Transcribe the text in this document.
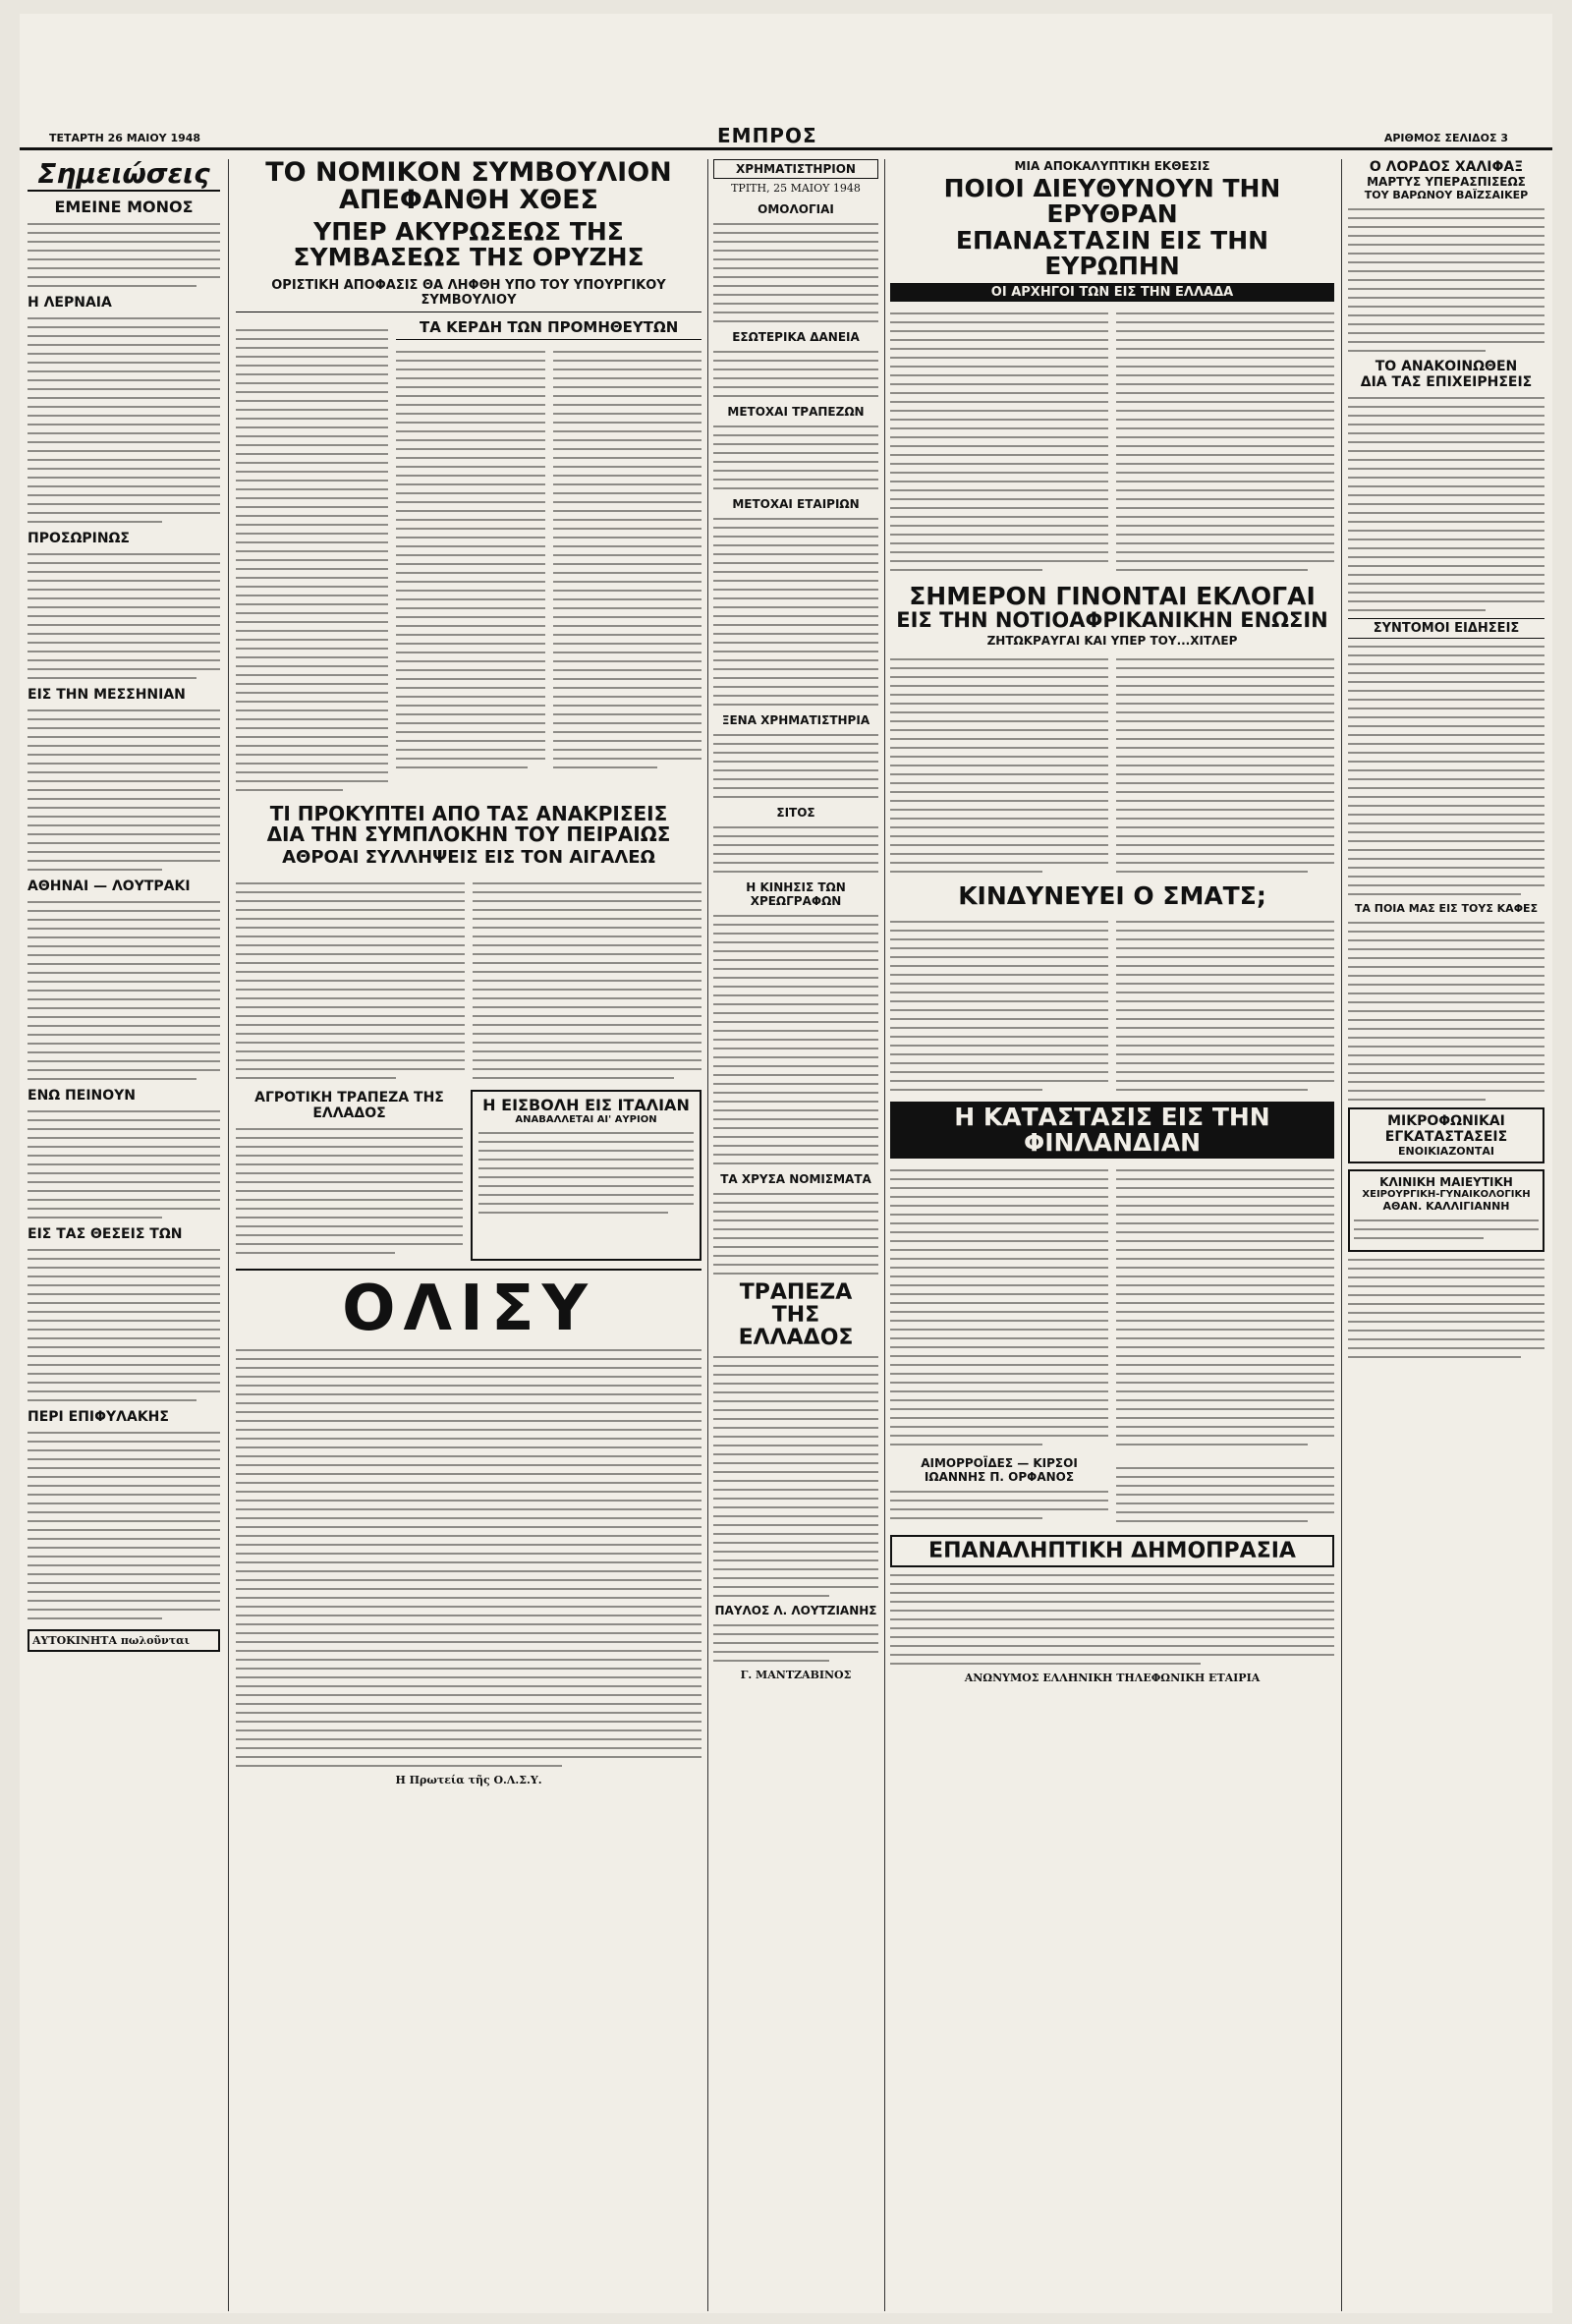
ΤΕΤΑΡΤΗ 26 ΜΑΙΟΥ 1948	ΕΜΠΡΟΣ	ΑΡΙΘΜΟΣ ΣΕΛΙΔΟΣ 3
Σημειώσεις
ΕΜΕΙΝΕ ΜΟΝΟΣ
Η ΛΕΡΝΑΙΑ
ΠΡΟΣΩΡΙΝΩΣ
ΕΙΣ ΤΗΝ ΜΕΣΣΗΝΙΑΝ
ΑΘΗΝΑΙ — ΛΟΥΤΡΑΚΙ
ΕΝΩ ΠΕΙΝΟΥΝ
ΕΙΣ ΤΑΣ ΘΕΣΕΙΣ ΤΩΝ
ΠΕΡΙ ΕΠΙΦΥΛΑΚΗΣ
ΑΥΤΟΚΙΝΗΤΑ πωλοῦνται
ΤΟ ΝΟΜΙΚΟΝ ΣΥΜΒΟΥΛΙΟΝ ΑΠΕΦΑΝΘΗ ΧΘΕΣ
ΥΠΕΡ ΑΚΥΡΩΣΕΩΣ ΤΗΣ ΣΥΜΒΑΣΕΩΣ ΤΗΣ ΟΡΥΖΗΣ
ΟΡΙΣΤΙΚΗ ΑΠΟΦΑΣΙΣ ΘΑ ΛΗΦΘΗ ΥΠΟ ΤΟΥ ΥΠΟΥΡΓΙΚΟΥ ΣΥΜΒΟΥΛΙΟΥ
ΤΑ ΚΕΡΔΗ ΤΩΝ ΠΡΟΜΗΘΕΥΤΩΝ
ΤΙ ΠΡΟΚΥΠΤΕΙ ΑΠΟ ΤΑΣ ΑΝΑΚΡΙΣΕΙΣ
ΔΙΑ ΤΗΝ ΣΥΜΠΛΟΚΗΝ ΤΟΥ ΠΕΙΡΑΙΩΣ
ΑΘΡΟΑΙ ΣΥΛΛΗΨΕΙΣ ΕΙΣ ΤΟΝ ΑΙΓΑΛΕΩ
ΑΓΡΟΤΙΚΗ ΤΡΑΠΕΖΑ ΤΗΣ ΕΛΛΑΔΟΣ	Η ΕΙΣΒΟΛΗ ΕΙΣ ΙΤΑΛΙΑΝ
ΑΝΑΒΑΛΛΕΤΑΙ ΑΙ' ΑΥΡΙΟΝ
ΟΛΙΣΥ
Η Πρωτεία τῆς Ο.Λ.Σ.Υ.
ΧΡΗΜΑΤΙΣΤΗΡΙΟΝ
ΤΡΙΤΗ, 25 ΜΑΙΟΥ 1948
ΟΜΟΛΟΓΙΑΙ
ΕΣΩΤΕΡΙΚΑ ΔΑΝΕΙΑ
ΜΕΤΟΧΑΙ ΤΡΑΠΕΖΩΝ
ΜΕΤΟΧΑΙ ΕΤΑΙΡΙΩΝ
ΞΕΝΑ ΧΡΗΜΑΤΙΣΤΗΡΙΑ
ΣΙΤΟΣ
Η ΚΙΝΗΣΙΣ ΤΩΝ ΧΡΕΩΓΡΑΦΩΝ
ΤΑ ΧΡΥΣΑ ΝΟΜΙΣΜΑΤΑ
ΤΡΑΠΕΖΑ ΤΗΣ ΕΛΛΑΔΟΣ
ΠΑΥΛΟΣ Λ. ΛΟΥΤΖΙΑΝΗΣ
Γ. ΜΑΝΤΖΑΒΙΝΟΣ
ΜΙΑ ΑΠΟΚΑΛΥΠΤΙΚΗ ΕΚΘΕΣΙΣ
ΠΟΙΟΙ ΔΙΕΥΘΥΝΟΥΝ ΤΗΝ ΕΡΥΘΡΑΝ
ΕΠΑΝΑΣΤΑΣΙΝ ΕΙΣ ΤΗΝ ΕΥΡΩΠΗΝ
ΟΙ ΑΡΧΗΓΟΙ ΤΩΝ ΕΙΣ ΤΗΝ ΕΛΛΑΔΑ
ΣΗΜΕΡΟΝ ΓΙΝΟΝΤΑΙ ΕΚΛΟΓΑΙ
ΕΙΣ ΤΗΝ ΝΟΤΙΟΑΦΡΙΚΑΝΙΚΗΝ ΕΝΩΣΙΝ
ΖΗΤΩΚΡΑΥΓΑΙ ΚΑΙ ΥΠΕΡ ΤΟΥ...ΧΙΤΛΕΡ
ΚΙΝΔΥΝΕΥΕΙ Ο ΣΜΑΤΣ;
Η ΚΑΤΑΣΤΑΣΙΣ ΕΙΣ ΤΗΝ ΦΙΝΛΑΝΔΙΑΝ
ΑΙΜΟΡΡΟΪΔΕΣ — ΚΙΡΣΟΙ
ΙΩΑΝΝΗΣ Π. ΟΡΦΑΝΟΣ
ΕΠΑΝΑΛΗΠΤΙΚΗ ΔΗΜΟΠΡΑΣΙΑ
ΑΝΩΝΥΜΟΣ ΕΛΛΗΝΙΚΗ ΤΗΛΕΦΩΝΙΚΗ ΕΤΑΙΡΙΑ
Ο ΛΟΡΔΟΣ ΧΑΛΙΦΑΞ
ΜΑΡΤΥΣ ΥΠΕΡΑΣΠΙΣΕΩΣ
ΤΟΥ ΒΑΡΩΝΟΥ ΒΑΪΖΣΑΙΚΕΡ
ΤΟ ΑΝΑΚΟΙΝΩΘΕΝ
ΔΙΑ ΤΑΣ ΕΠΙΧΕΙΡΗΣΕΙΣ
ΣΥΝΤΟΜΟΙ ΕΙΔΗΣΕΙΣ
ΤΑ ΠΟΙΑ ΜΑΣ ΕΙΣ ΤΟΥΣ ΚΑΦΕΣ
ΜΙΚΡΟΦΩΝΙΚΑΙ ΕΓΚΑΤΑΣΤΑΣΕΙΣ
ΕΝΟΙΚΙΑΖΟΝΤΑΙ
ΚΛΙΝΙΚΗ ΜΑΙΕΥΤΙΚΗ
ΧΕΙΡΟΥΡΓΙΚΗ-ΓΥΝΑΙΚΟΛΟΓΙΚΗ
ΑΘΑΝ. ΚΑΛΛΙΓΙΑΝΝΗ
